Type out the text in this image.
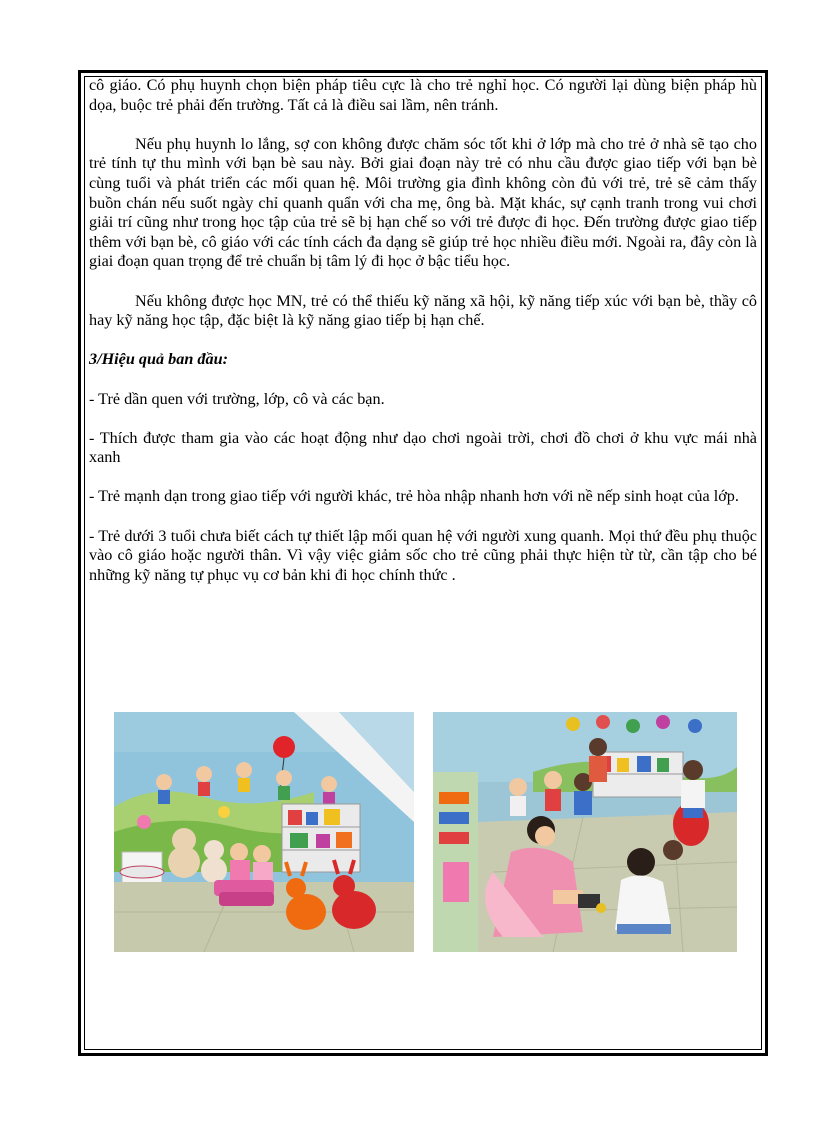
cô giáo. Có phụ huynh chọn biện pháp tiêu cực là cho trẻ nghỉ học. Có người lại dùng biện pháp hù dọa, buộc trẻ phải đến trường. Tất cả là điều sai lầm, nên tránh.

Nếu phụ huynh lo lắng, sợ con không được chăm sóc tốt khi ở lớp mà cho trẻ ở nhà sẽ tạo cho trẻ tính tự thu mình với bạn bè sau này. Bởi giai đoạn này trẻ có nhu cầu được giao tiếp với bạn bè cùng tuổi và phát triển các mối quan hệ. Môi trường gia đình không còn đủ với trẻ, trẻ sẽ cảm thấy buồn chán nếu suốt ngày chỉ quanh quẩn với cha mẹ, ông bà. Mặt khác, sự cạnh tranh trong vui chơi giải trí cũng như trong học tập của trẻ sẽ bị hạn chế so với trẻ được đi học. Đến trường được giao tiếp thêm với bạn bè, cô giáo với các tính cách đa dạng sẽ giúp trẻ học nhiều điều mới. Ngoài ra, đây còn là giai đoạn quan trọng để trẻ chuẩn bị tâm lý đi học ở bậc tiểu học.

Nếu không được học MN, trẻ có thể thiếu kỹ năng xã hội, kỹ năng tiếp xúc với bạn bè, thầy cô hay kỹ năng học tập, đặc biệt là kỹ năng giao tiếp bị hạn chế.

3/Hiệu quả ban đầu:

- Trẻ dần quen với trường, lớp, cô và các bạn.

- Thích được tham gia vào các hoạt động như dạo chơi ngoài trời, chơi đồ chơi ở khu vực mái nhà xanh

- Trẻ mạnh dạn trong giao tiếp với người khác, trẻ hòa nhập nhanh hơn với nề nếp sinh hoạt của lớp.

- Trẻ dưới 3 tuổi chưa biết cách tự thiết lập mối quan hệ với người xung quanh. Mọi thứ đều phụ thuộc vào cô giáo hoặc người thân. Vì vậy việc giảm sốc cho trẻ cũng phải thực hiện từ từ, cần tập cho bé những kỹ năng tự phục vụ cơ bản khi đi học chính thức .
